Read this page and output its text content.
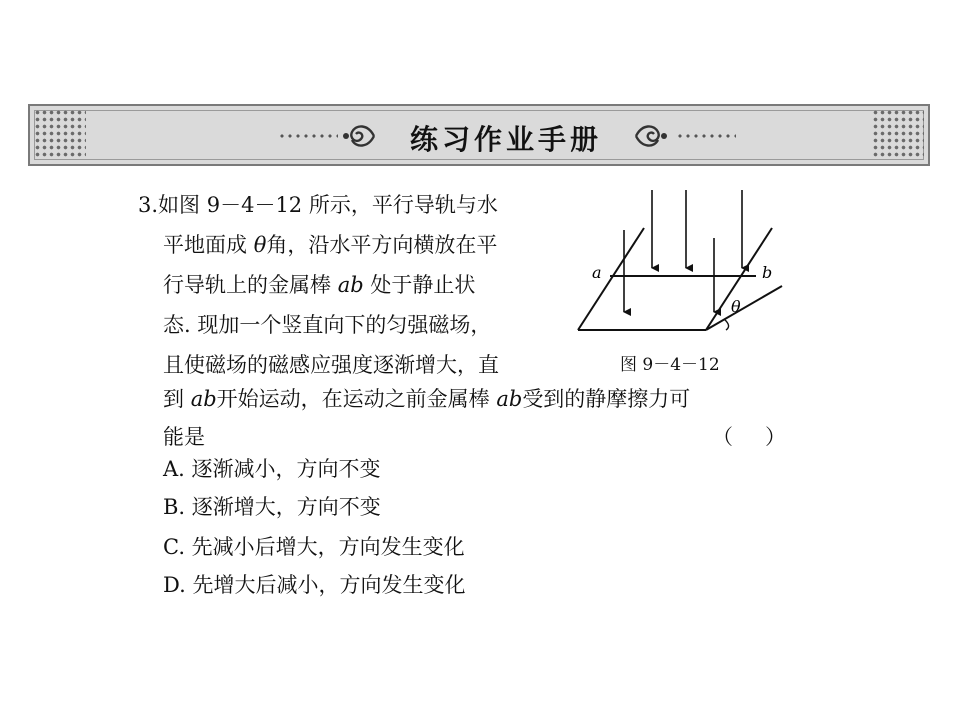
练习作业手册
3.如图 9－4－12 所示，平行导轨与水
平地面成 θ角，沿水平方向横放在平
行导轨上的金属棒 ab 处于静止状
态. 现加一个竖直向下的匀强磁场，
且使磁场的磁感应强度逐渐增大，直
到 ab开始运动，在运动之前金属棒 ab受到的静摩擦力可
能是	（ ）
A. 逐渐减小，方向不变
B. 逐渐增大，方向不变
C. 先减小后增大，方向发生变化
D. 先增大后减小，方向发生变化
a	b
θ
图 9－4－12
